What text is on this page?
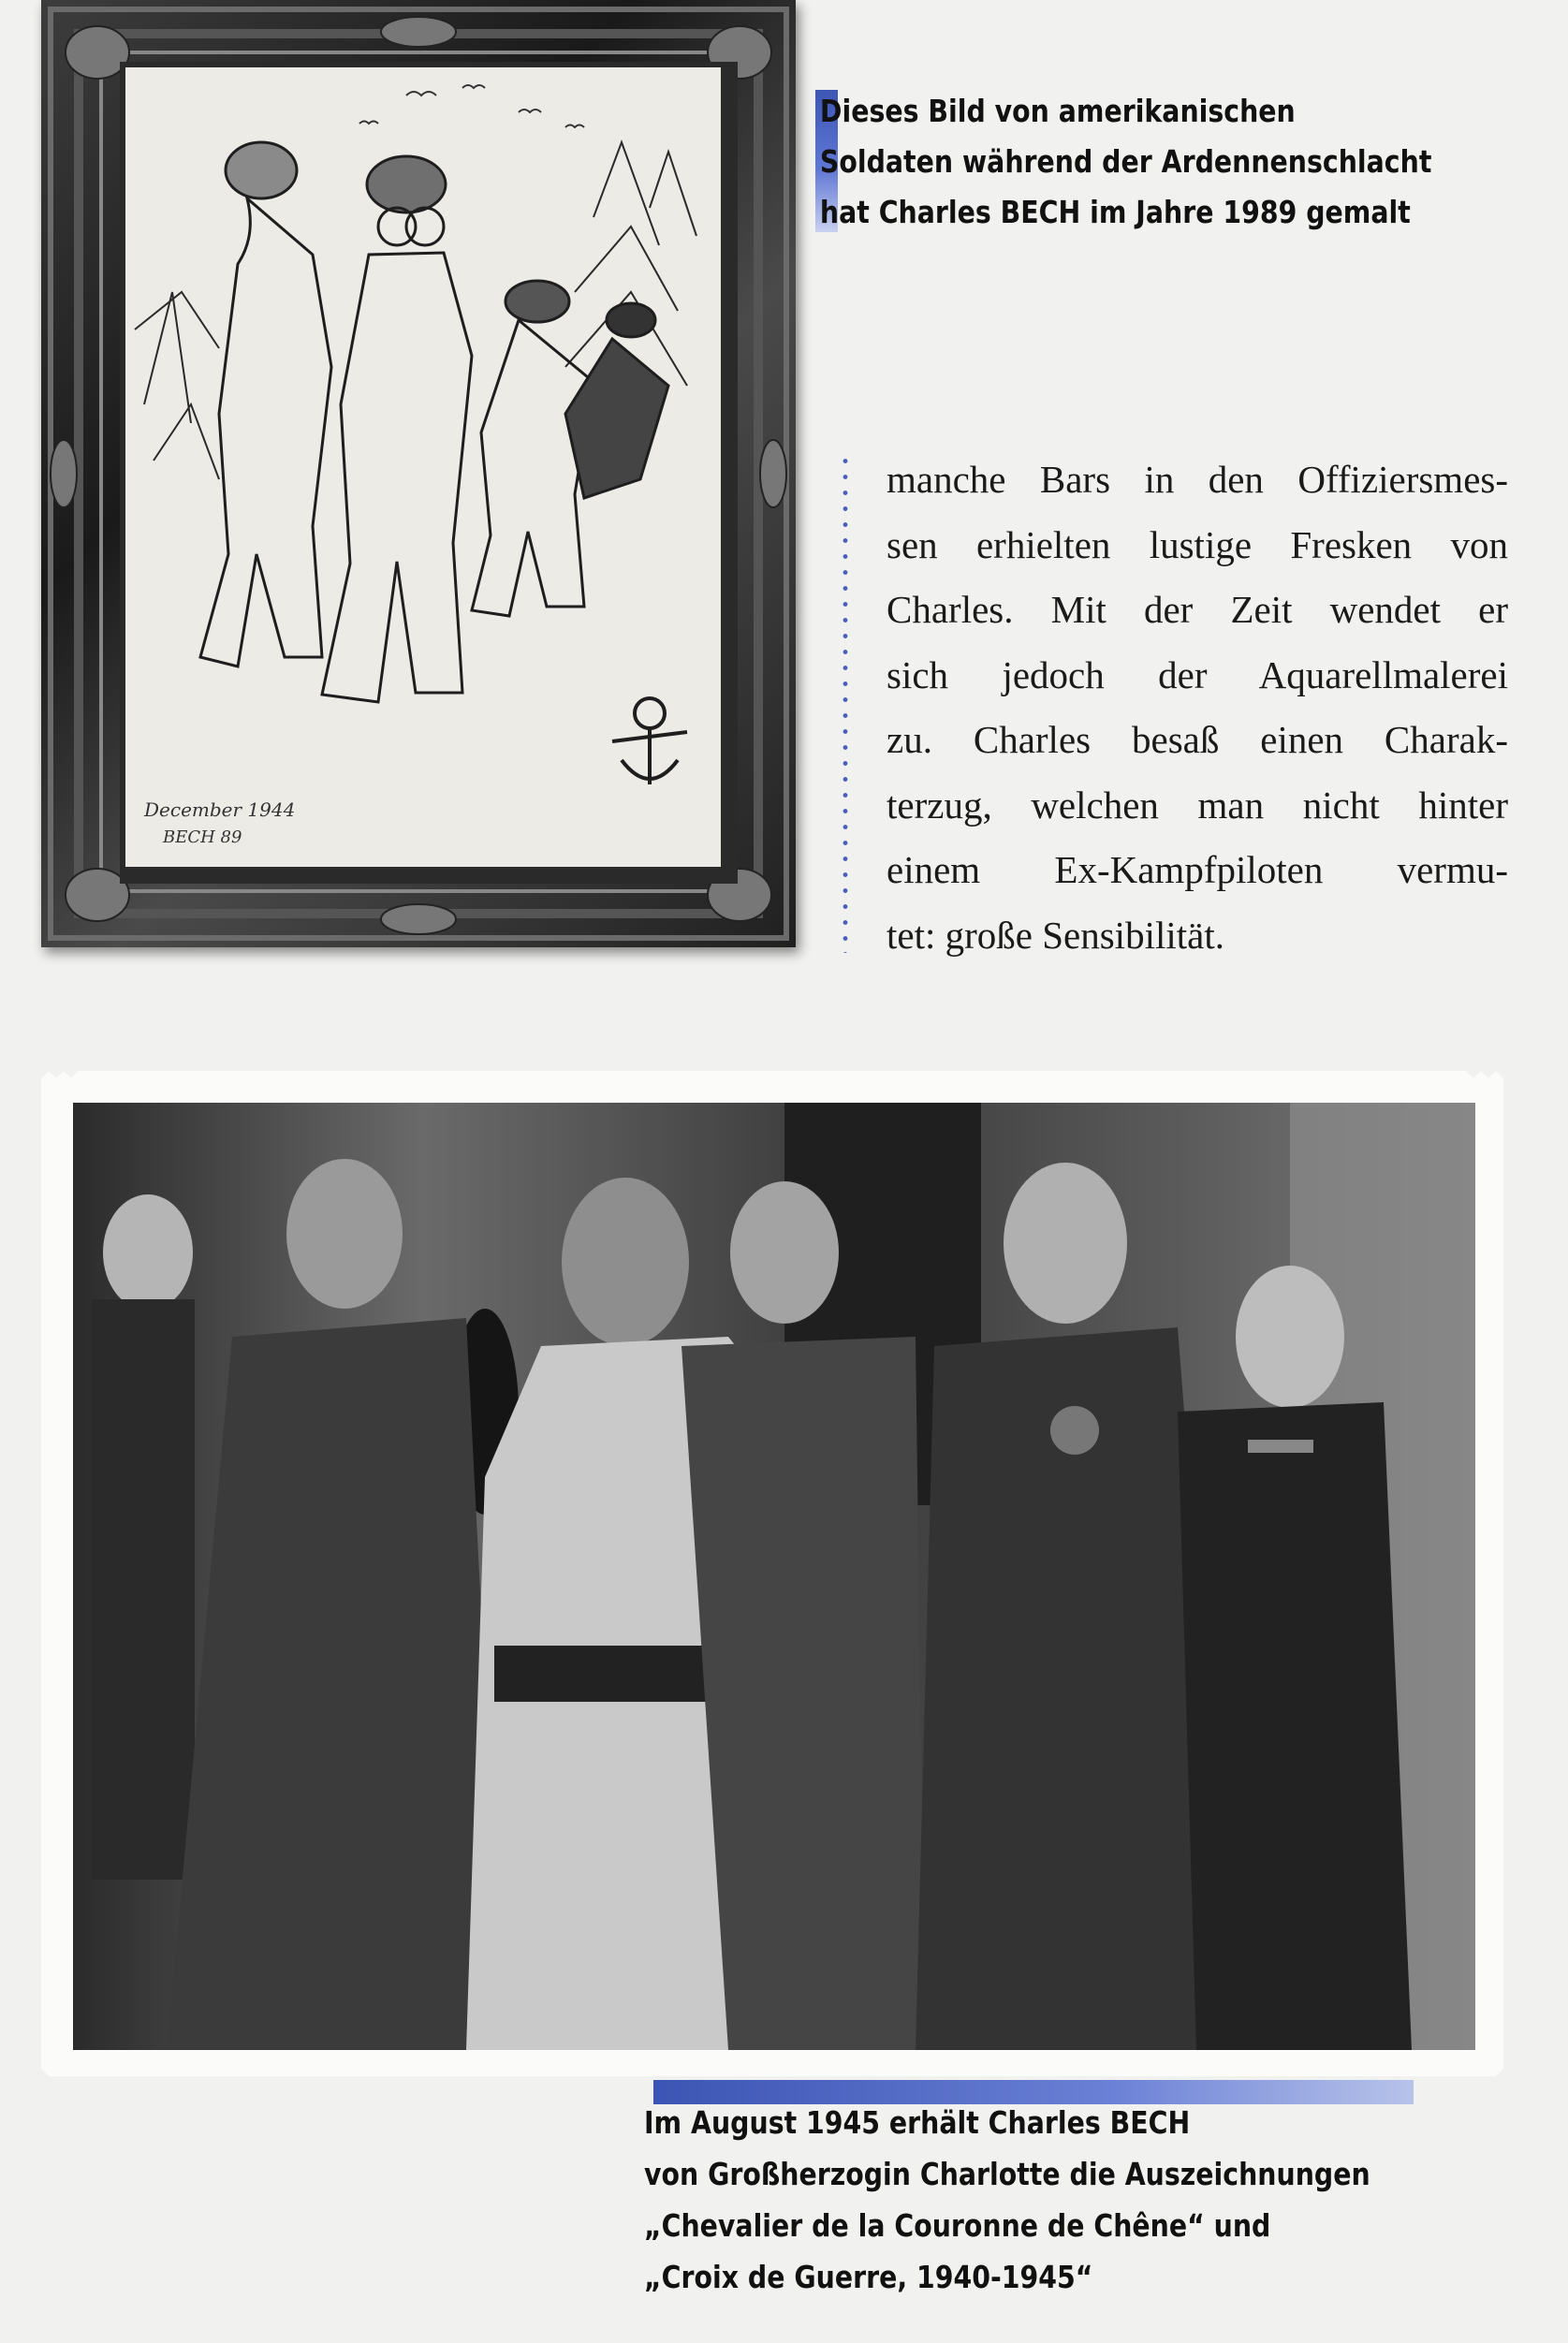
December 1944
BECH 89
Dieses Bild von amerikanischen
Soldaten während der Ardennenschlacht
hat Charles BECH im Jahre 1989 gemalt
manche Bars in den Offiziersmes-
sen erhielten lustige Fresken von
Charles. Mit der Zeit wendet er
sich jedoch der Aquarellmalerei
zu. Charles besaß einen Charak-
terzug, welchen man nicht hinter
einem Ex-Kampfpiloten vermu-
tet: große Sensibilität.
Im August 1945 erhält Charles BECH
von Großherzogin Charlotte die Auszeichnungen
„Chevalier de la Couronne de Chêne“ und
„Croix de Guerre, 1940-1945“
